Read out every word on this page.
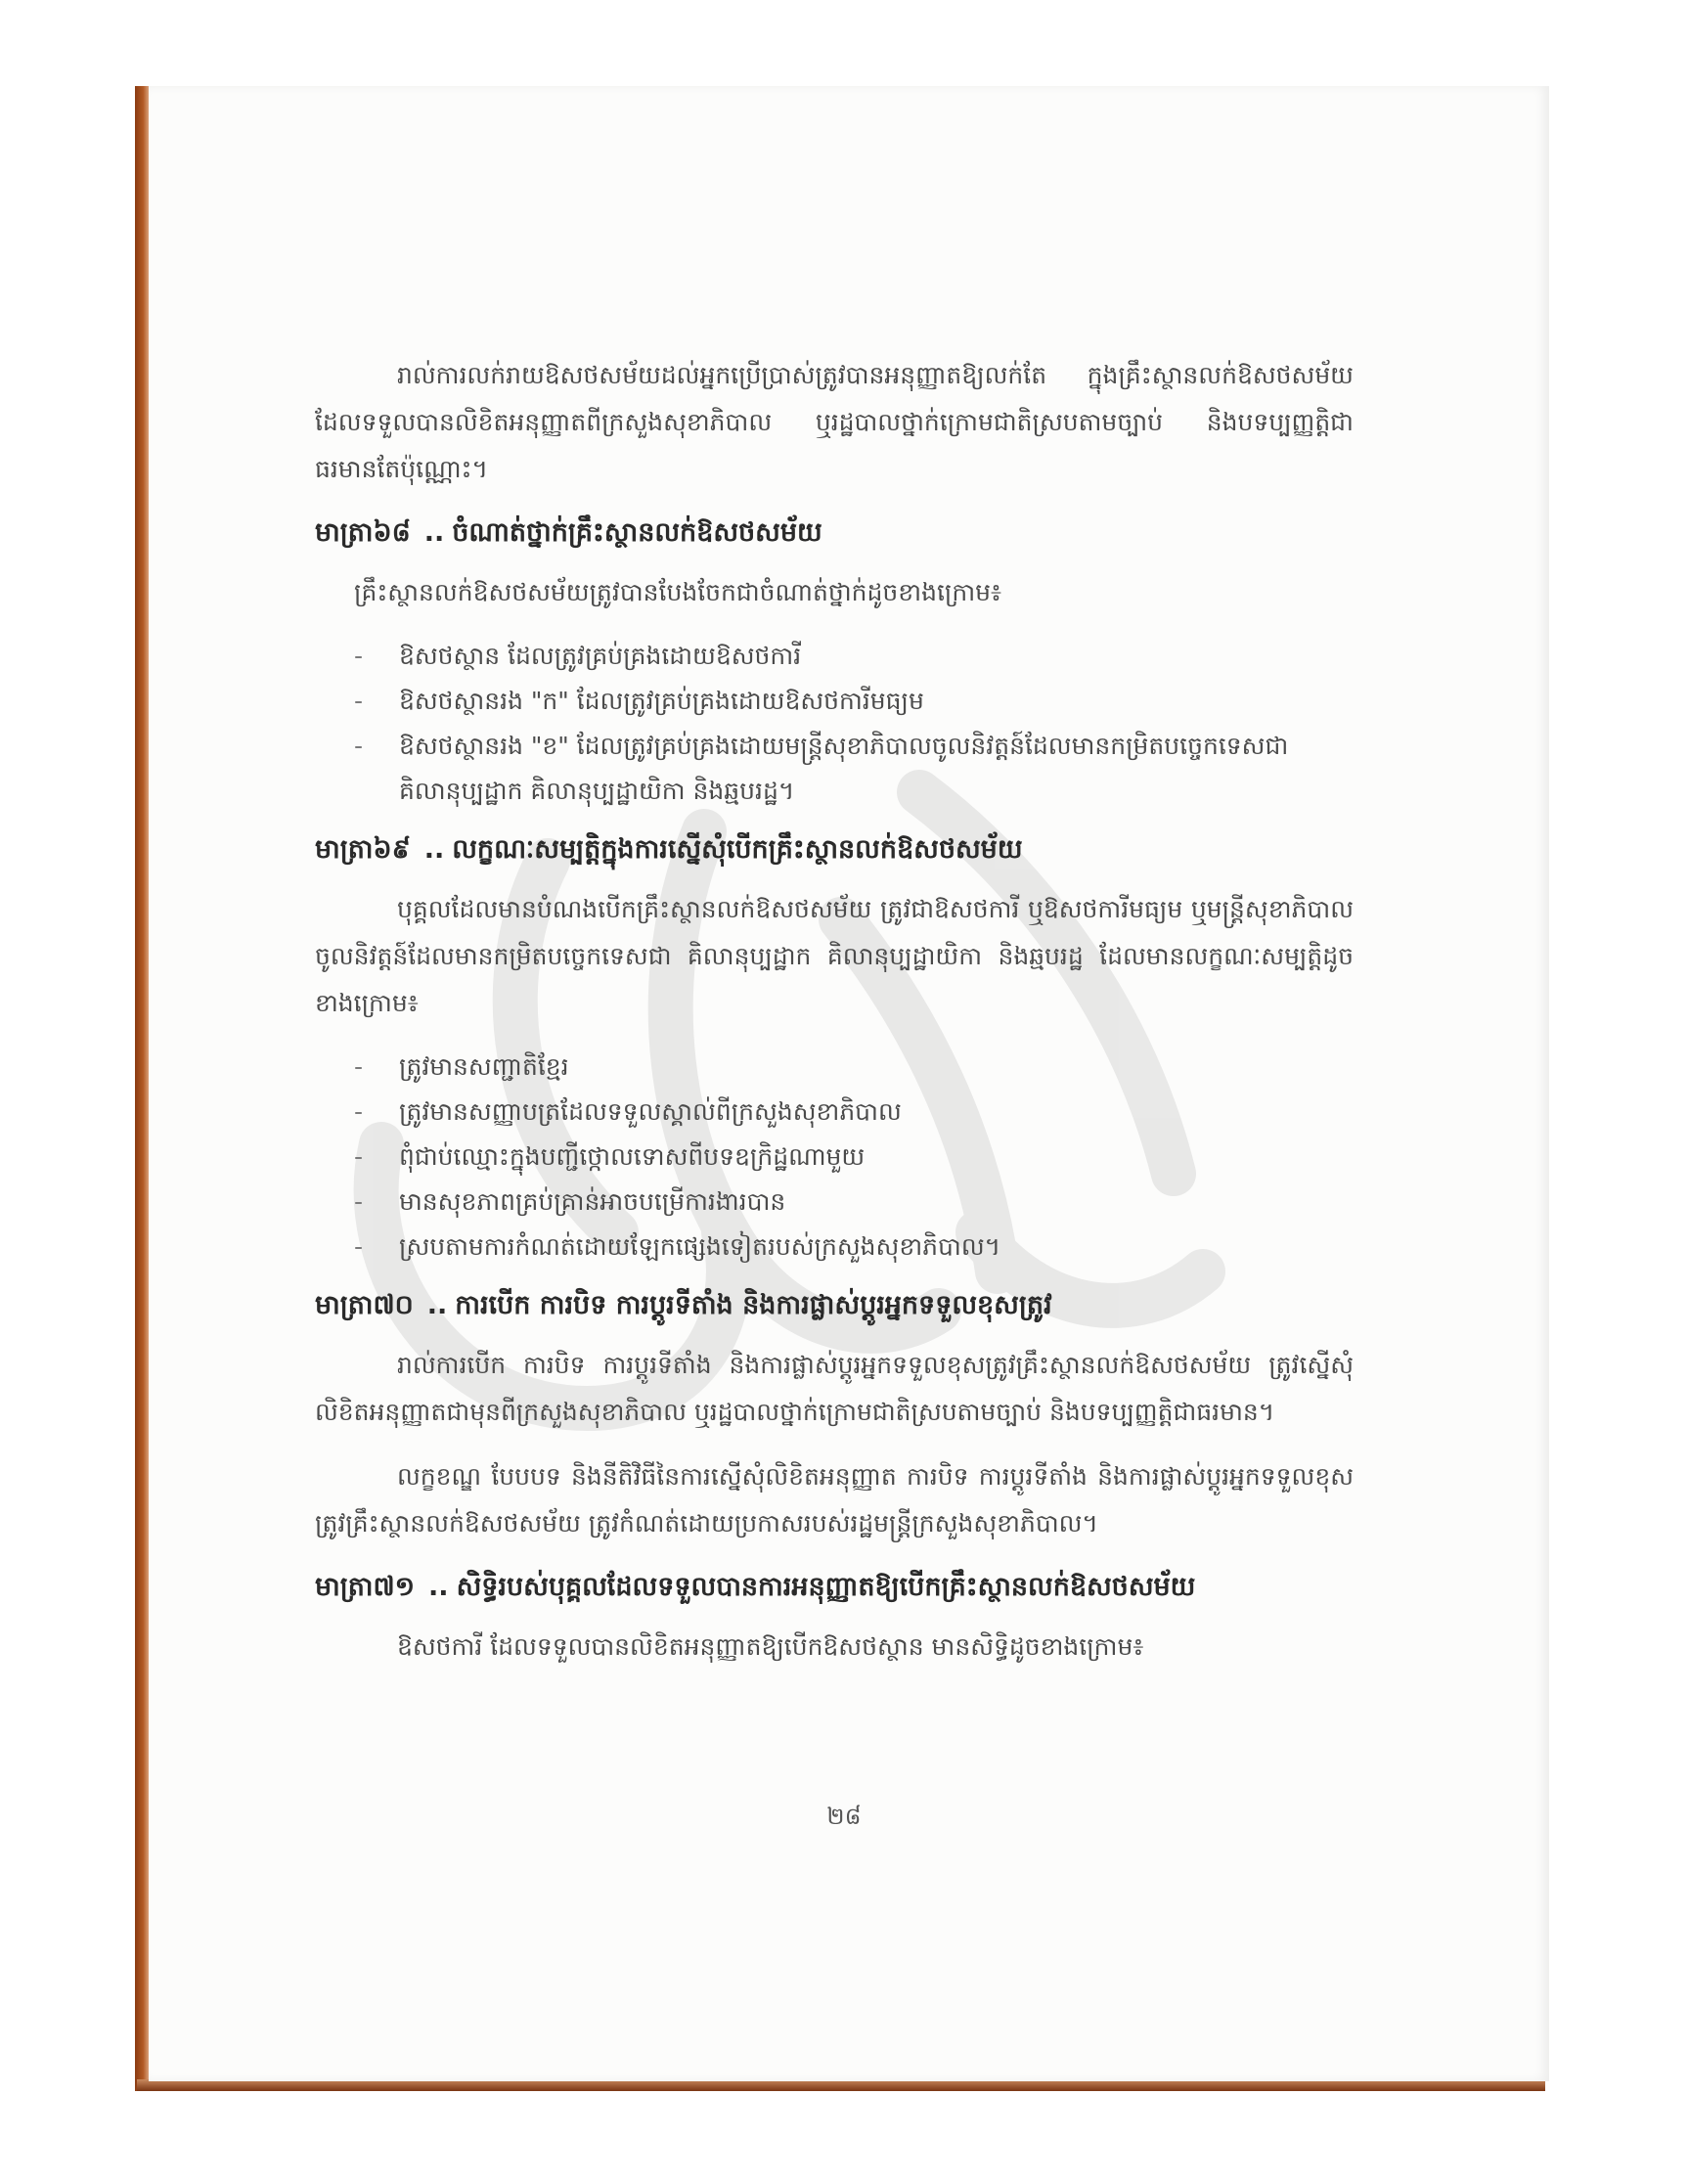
រាល់ការលក់រាយឱសថសម័យដល់អ្នកប្រើប្រាស់ត្រូវបានអនុញ្ញាតឱ្យលក់តែ ក្នុងគ្រឹះស្ថានលក់ឱសថសម័យ ដែលទទួលបានលិខិតអនុញ្ញាតពីក្រសួងសុខាភិបាល ឬរដ្ឋបាលថ្នាក់ក្រោមជាតិស្របតាមច្បាប់ និងបទប្បញ្ញត្តិជាធរមានតែប៉ុណ្ណោះ។

មាត្រា៦៨ .. ចំណាត់ថ្នាក់គ្រឹះស្ថានលក់ឱសថសម័យ

គ្រឹះស្ថានលក់ឱសថសម័យត្រូវបានបែងចែកជាចំណាត់ថ្នាក់ដូចខាងក្រោម៖

- ឱសថស្ថាន ដែលត្រូវគ្រប់គ្រងដោយឱសថការី
- ឱសថស្ថានរង "ក" ដែលត្រូវគ្រប់គ្រងដោយឱសថការីមធ្យម
- ឱសថស្ថានរង "ខ" ដែលត្រូវគ្រប់គ្រងដោយមន្ត្រីសុខាភិបាលចូលនិវត្តន៍ដែលមានកម្រិតបច្ចេកទេសជា គិលានុប្បដ្ឋាក គិលានុប្បដ្ឋាយិកា និងឆ្មបរដ្ឋ។
មាត្រា៦៩ .. លក្ខណៈសម្បត្តិក្នុងការស្នើសុំបើកគ្រឹះស្ថានលក់ឱសថសម័យ

បុគ្គលដែលមានបំណងបើកគ្រឹះស្ថានលក់ឱសថសម័យ ត្រូវជាឱសថការី ឬឱសថការីមធ្យម ឬមន្ត្រីសុខាភិបាលចូលនិវត្តន៍ដែលមានកម្រិតបច្ចេកទេសជា គិលានុប្បដ្ឋាក គិលានុប្បដ្ឋាយិកា និងឆ្មបរដ្ឋ ដែលមានលក្ខណៈសម្បត្តិដូចខាងក្រោម៖

- ត្រូវមានសញ្ជាតិខ្មែរ
- ត្រូវមានសញ្ញាបត្រដែលទទួលស្គាល់ពីក្រសួងសុខាភិបាល
- ពុំជាប់ឈ្មោះក្នុងបញ្ជីថ្កោលទោសពីបទឧក្រិដ្ឋណាមួយ
- មានសុខភាពគ្រប់គ្រាន់អាចបម្រើការងារបាន
- ស្របតាមការកំណត់ដោយឡែកផ្សេងទៀតរបស់ក្រសួងសុខាភិបាល។
មាត្រា៧០ .. ការបើក ការបិទ ការប្តូរទីតាំង និងការផ្លាស់ប្តូរអ្នកទទួលខុសត្រូវ

រាល់ការបើក ការបិទ ការប្តូរទីតាំង និងការផ្លាស់ប្តូរអ្នកទទួលខុសត្រូវគ្រឹះស្ថានលក់ឱសថសម័យ ត្រូវស្នើសុំលិខិតអនុញ្ញាតជាមុនពីក្រសួងសុខាភិបាល ឬរដ្ឋបាលថ្នាក់ក្រោមជាតិស្របតាមច្បាប់ និងបទប្បញ្ញត្តិជាធរមាន។

លក្ខខណ្ឌ បែបបទ និងនីតិវិធីនៃការស្នើសុំលិខិតអនុញ្ញាត ការបិទ ការប្តូរទីតាំង និងការផ្លាស់ប្តូរអ្នកទទួលខុសត្រូវគ្រឹះស្ថានលក់ឱសថសម័យ ត្រូវកំណត់ដោយប្រកាសរបស់រដ្ឋមន្ត្រីក្រសួងសុខាភិបាល។

មាត្រា៧១ .. សិទ្ធិរបស់បុគ្គលដែលទទួលបានការអនុញ្ញាតឱ្យបើកគ្រឹះស្ថានលក់ឱសថសម័យ

ឱសថការី ដែលទទួលបានលិខិតអនុញ្ញាតឱ្យបើកឱសថស្ថាន មានសិទ្ធិដូចខាងក្រោម៖

២៨
